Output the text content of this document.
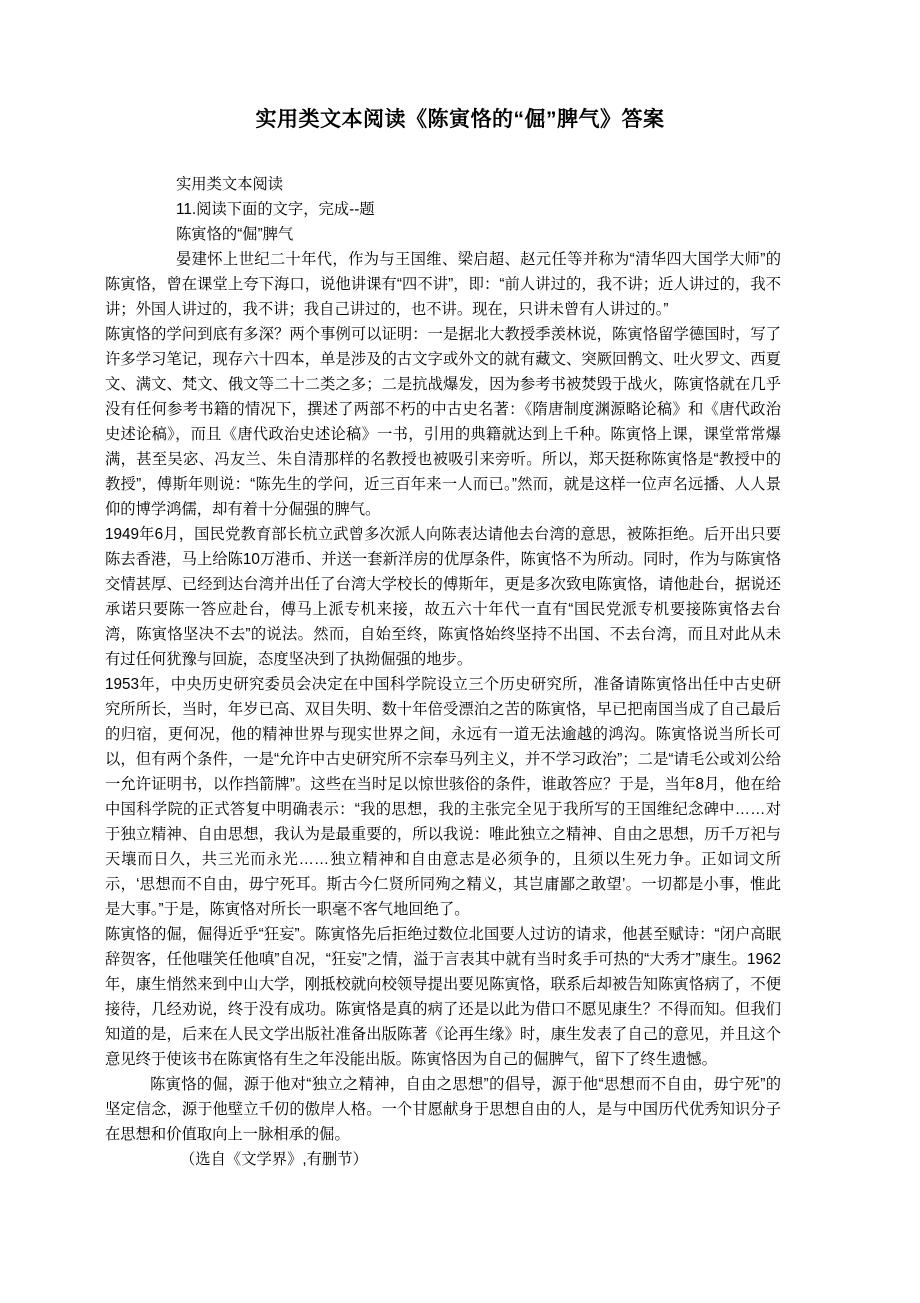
实用类文本阅读《陈寅恪的“倔”脾气》答案

实用类文本阅读

11.阅读下面的文字，完成--题

陈寅恪的“倔”脾气

晏建怀上世纪二十年代，作为与王国维、梁启超、赵元任等并称为“清华四大国学大师”的陈寅恪，曾在课堂上夸下海口，说他讲课有“四不讲”，即：“前人讲过的，我不讲；近人讲过的，我不讲；外国人讲过的，我不讲；我自己讲过的，也不讲。现在，只讲未曾有人讲过的。”

陈寅恪的学问到底有多深？两个事例可以证明：一是据北大教授季羡林说，陈寅恪留学德国时，写了许多学习笔记，现存六十四本，单是涉及的古文字或外文的就有藏文、突厥回鹘文、吐火罗文、西夏文、满文、梵文、俄文等二十二类之多；二是抗战爆发，因为参考书被焚毁于战火，陈寅恪就在几乎没有任何参考书籍的情况下，撰述了两部不朽的中古史名著：《隋唐制度渊源略论稿》和《唐代政治史述论稿》，而且《唐代政治史述论稿》一书，引用的典籍就达到上千种。陈寅恪上课，课堂常常爆满，甚至吴宓、冯友兰、朱自清那样的名教授也被吸引来旁听。所以，郑天挺称陈寅恪是“教授中的教授”，傅斯年则说：“陈先生的学问，近三百年来一人而已。”然而，就是这样一位声名远播、人人景仰的博学鸿儒，却有着十分倔强的脾气。

1949年6月，国民党教育部长杭立武曾多次派人向陈表达请他去台湾的意思，被陈拒绝。后开出只要陈去香港，马上给陈10万港币、并送一套新洋房的优厚条件，陈寅恪不为所动。同时，作为与陈寅恪交情甚厚、已经到达台湾并出任了台湾大学校长的傅斯年，更是多次致电陈寅恪，请他赴台，据说还承诺只要陈一答应赴台，傅马上派专机来接，故五六十年代一直有“国民党派专机要接陈寅恪去台湾，陈寅恪坚决不去”的说法。然而，自始至终，陈寅恪始终坚持不出国、不去台湾，而且对此从未有过任何犹豫与回旋，态度坚决到了执拗倔强的地步。

1953年，中央历史研究委员会决定在中国科学院设立三个历史研究所，准备请陈寅恪出任中古史研究所所长，当时，年岁已高、双目失明、数十年倍受漂泊之苦的陈寅恪，早已把南国当成了自己最后的归宿，更何况，他的精神世界与现实世界之间，永远有一道无法逾越的鸿沟。陈寅恪说当所长可以，但有两个条件，一是“允许中古史研究所不宗奉马列主义，并不学习政治”；二是“请毛公或刘公给一允许证明书，以作挡箭牌”。这些在当时足以惊世骇俗的条件，谁敢答应？于是，当年8月，他在给中国科学院的正式答复中明确表示：“我的思想，我的主张完全见于我所写的王国维纪念碑中……对于独立精神、自由思想，我认为是最重要的，所以我说：唯此独立之精神、自由之思想，历千万祀与天壤而日久，共三光而永光……独立精神和自由意志是必须争的，且须以生死力争。正如词文所示，‘思想而不自由，毋宁死耳。斯古今仁贤所同殉之精义，其岂庸鄙之敢望’。一切都是小事，惟此是大事。”于是，陈寅恪对所长一职毫不客气地回绝了。

陈寅恪的倔，倔得近乎“狂妄”。陈寅恪先后拒绝过数位北国要人过访的请求，他甚至赋诗：“闭户高眠辞贺客，任他嗤笑任他嗔”自况，“狂妄”之情，溢于言表其中就有当时炙手可热的“大秀才”康生。1962年，康生悄然来到中山大学，刚抵校就向校领导提出要见陈寅恪，联系后却被告知陈寅恪病了，不便接待，几经劝说，终于没有成功。陈寅恪是真的病了还是以此为借口不愿见康生？不得而知。但我们知道的是，后来在人民文学出版社准备出版陈著《论再生缘》时，康生发表了自己的意见，并且这个意见终于使该书在陈寅恪有生之年没能出版。陈寅恪因为自己的倔脾气，留下了终生遗憾。

陈寅恪的倔，源于他对“独立之精神，自由之思想”的倡导，源于他“思想而不自由，毋宁死”的坚定信念，源于他壁立千仞的傲岸人格。一个甘愿献身于思想自由的人，是与中国历代优秀知识分子在思想和价值取向上一脉相承的倔。

（选自《文学界》,有删节）
